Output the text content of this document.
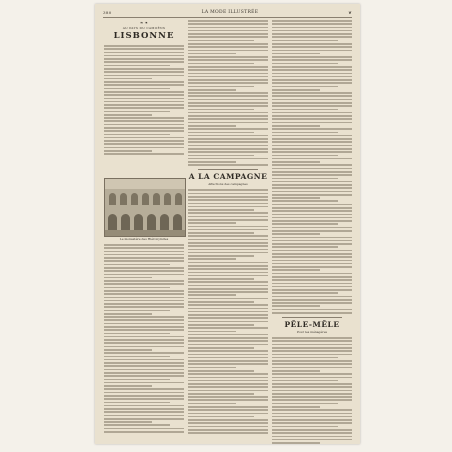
380	LA MODE ILLUSTRÉE	❦
❧ ❧
AU PAYS DU CAMOËNS
LISBONNE
Le monastère des Hiéronymites
A LA CAMPAGNE
Affections des campagnes
PÊLE-MÊLE
Pour les ménagères
